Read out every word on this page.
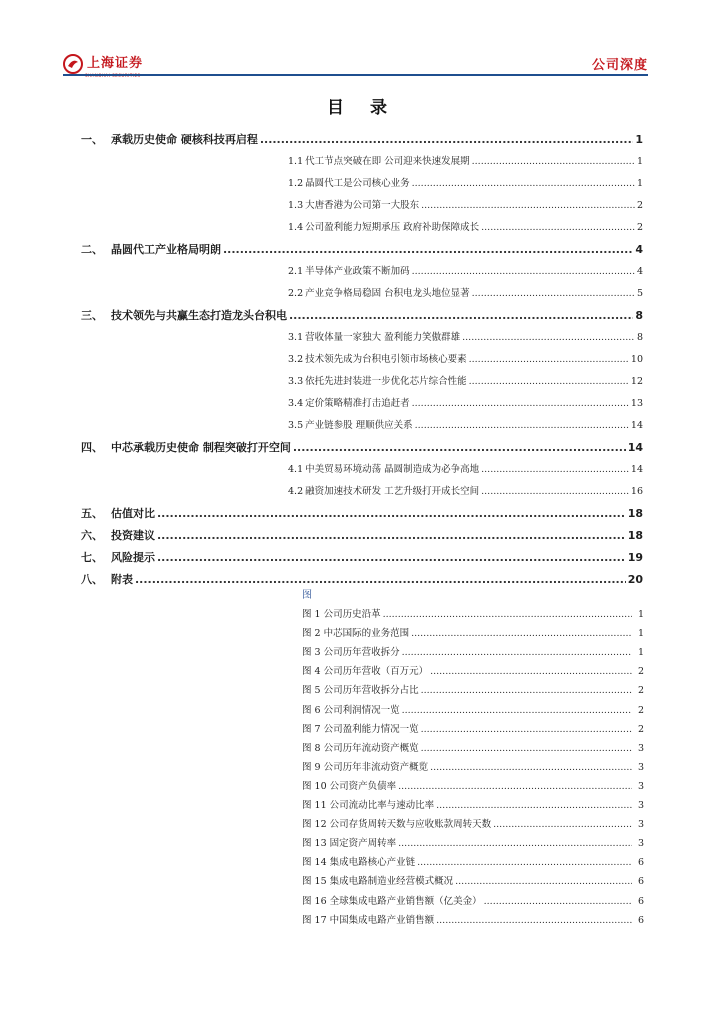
上海证券
SHANGHAI SECURITIES
公司深度
目 录
一、 承载历史使命 硬核科技再启程 .....	1
1.1 代工节点突破在即 公司迎来快速发展期 .....	1
1.2 晶圆代工是公司核心业务 .....	1
1.3 大唐香港为公司第一大股东 .....	2
1.4 公司盈利能力短期承压 政府补助保障成长 .....	2
二、 晶圆代工产业格局明朗 .....	4
2.1 半导体产业政策不断加码 .....	4
2.2 产业竞争格局稳固 台积电龙头地位显著 .....	5
三、 技术领先与共赢生态打造龙头台积电 .....	8
3.1 营收体量一家独大 盈利能力笑傲群雄 .....	8
3.2 技术领先成为台积电引领市场核心要素 .....	10
3.3 依托先进封装进一步优化芯片综合性能 .....	12
3.4 定价策略精准打击追赶者 .....	13
3.5 产业链参股 理顺供应关系 .....	14
四、 中芯承载历史使命 制程突破打开空间 .....	14
4.1 中美贸易环境动荡 晶圆制造成为必争高地 .....	14
4.2 融资加速技术研发 工艺升级打开成长空间 .....	16
五、 估值对比 .....	18
六、 投资建议 .....	18
七、 风险提示 .....	19
八、 附表 .....	20
图 1 公司历史沿革 .....	1
图 2 中芯国际的业务范围 .....	1
图 3 公司历年营收拆分 .....	1
图 4 公司历年营收（百万元） .....	2
图 5 公司历年营收拆分占比 .....	2
图 6 公司利润情况一览 .....	2
图 7 公司盈利能力情况一览 .....	2
图 8 公司历年流动资产概览 .....	3
图 9 公司历年非流动资产概览 .....	3
图 10 公司资产负债率 .....	3
图 11 公司流动比率与速动比率 .....	3
图 12 公司存货周转天数与应收账款周转天数 .....	3
图 13 固定资产周转率 .....	3
图 14 集成电路核心产业链 .....	6
图 15 集成电路制造业经营模式概况 .....	6
图 16 全球集成电路产业销售额（亿美金） .....	6
图 17 中国集成电路产业销售额 .....	6
图
